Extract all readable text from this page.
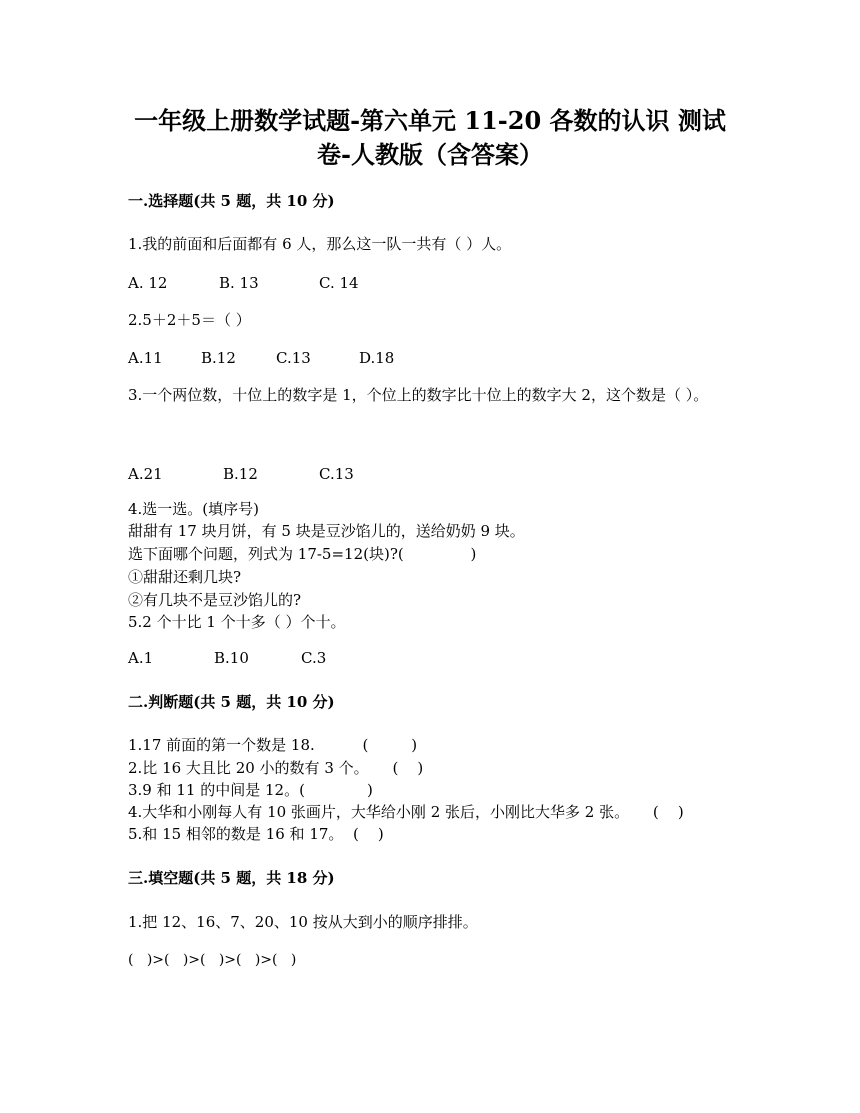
一年级上册数学试题-第六单元 11-20 各数的认识 测试
卷-人教版（含答案）
一.选择题(共 5 题，共 10 分)
1.我的前面和后面都有 6 人，那么这一队一共有（ ）人。
A. 12	B. 13	C. 14
2.5＋2＋5＝（ ）
A.11	B.12	C.13	D.18
3.一个两位数，十位上的数字是 1，个位上的数字比十位上的数字大 2，这个数是（ ）。
A.21	B.12	C.13
4.选一选。(填序号)
甜甜有 17 块月饼，有 5 块是豆沙馅儿的，送给奶奶 9 块。
选下面哪个问题，列式为 17-5=12(块)?(              )
①甜甜还剩几块?
②有几块不是豆沙馅儿的?
5.2 个十比 1 个十多（ ）个十。
A.1	B.10	C.3
二.判断题(共 5 题，共 10 分)
1.17 前面的第一个数是 18.          (         )
2.比 16 大且比 20 小的数有 3 个。     (    )
3.9 和 11 的中间是 12。(             )
4.大华和小刚每人有 10 张画片，大华给小刚 2 张后，小刚比大华多 2 张。     (    )
5.和 15 相邻的数是 16 和 17。  (    )
三.填空题(共 5 题，共 18 分)
1.把 12、16、7、20、10 按从大到小的顺序排排。
(   )>(   )>(   )>(   )>(   )
